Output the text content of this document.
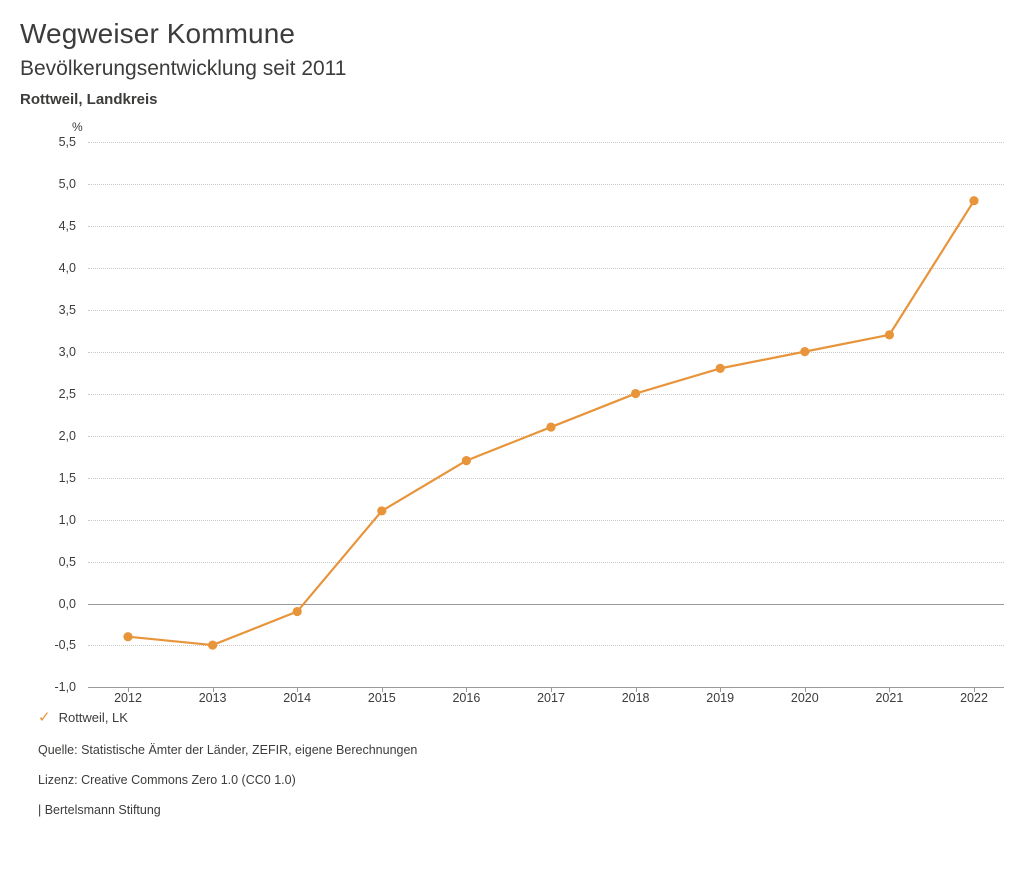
Wegweiser Kommune
Bevölkerungsentwicklung seit 2011
Rottweil, Landkreis
%
5,5
5,0
4,5
4,0
3,5
3,0
2,5
2,0
1,5
1,0
0,5
0,0
-0,5
-1,0
2012	2013	2014	2015	2016	2017	2018	2019	2020	2021	2022
✓ Rottweil, LK
Quelle: Statistische Ämter der Länder, ZEFIR, eigene Berechnungen
Lizenz: Creative Commons Zero 1.0 (CC0 1.0)
| Bertelsmann Stiftung
